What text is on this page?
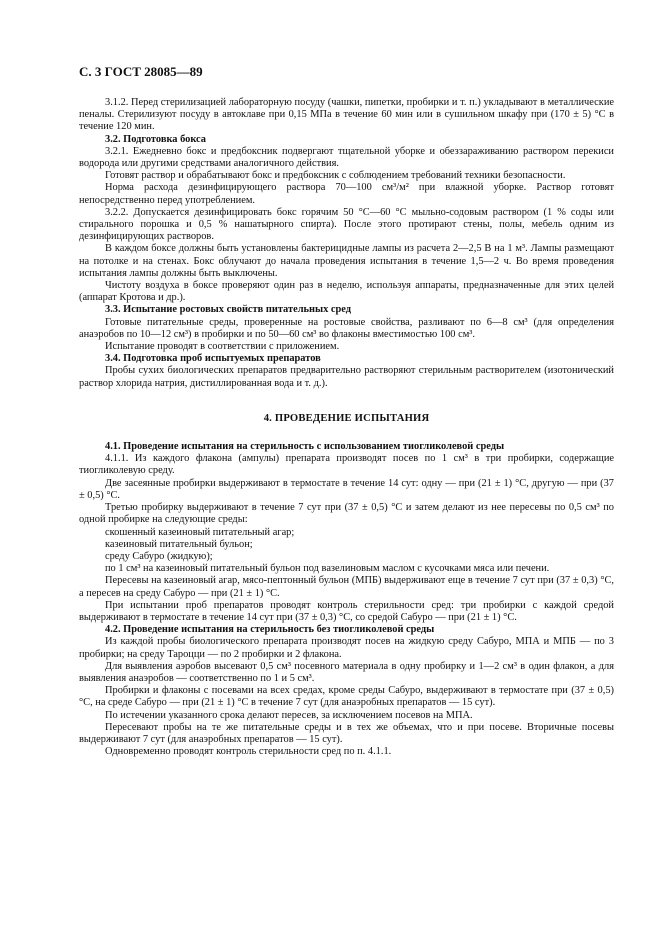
С. 3 ГОСТ 28085—89

3.1.2. Перед стерилизацией лабораторную посуду (чашки, пипетки, пробирки и т. п.) укладывают в металлические пеналы. Стерилизуют посуду в автоклаве при 0,15 МПа в течение 60 мин или в сушильном шкафу при (170 ± 5) °С в течение 120 мин.

3.2. Подготовка бокса

3.2.1. Ежедневно бокс и предбоксник подвергают тщательной уборке и обеззараживанию раствором перекиси водорода или другими средствами аналогичного действия.

Готовят раствор и обрабатывают бокс и предбоксник с соблюдением требований техники безопасности.

Норма расхода дезинфицирующего раствора 70—100 см³/м² при влажной уборке. Раствор готовят непосредственно перед употреблением.

3.2.2. Допускается дезинфицировать бокс горячим 50 °С—60 °С мыльно-содовым раствором (1 % соды или стирального порошка и 0,5 % нашатырного спирта). После этого протирают стены, полы, мебель одним из дезинфицирующих растворов.

В каждом боксе должны быть установлены бактерицидные лампы из расчета 2—2,5 В на 1 м³. Лампы размещают на потолке и на стенах. Бокс облучают до начала проведения испытания в течение 1,5—2 ч. Во время проведения испытания лампы должны быть выключены.

Чистоту воздуха в боксе проверяют один раз в неделю, используя аппараты, предназначенные для этих целей (аппарат Кротова и др.).

3.3. Испытание ростовых свойств питательных сред

Готовые питательные среды, проверенные на ростовые свойства, разливают по 6—8 см³ (для определения анаэробов по 10—12 см³) в пробирки и по 50—60 см³ во флаконы вместимостью 100 см³.

Испытание проводят в соответствии с приложением.

3.4. Подготовка проб испытуемых препаратов

Пробы сухих биологических препаратов предварительно растворяют стерильным растворителем (изотонический раствор хлорида натрия, дистиллированная вода и т. д.).

4. ПРОВЕДЕНИЕ ИСПЫТАНИЯ

4.1. Проведение испытания на стерильность с использованием тиогликолевой среды

4.1.1. Из каждого флакона (ампулы) препарата производят посев по 1 см³ в три пробирки, содержащие тиогликолевую среду.

Две засеянные пробирки выдерживают в термостате в течение 14 сут: одну — при (21 ± 1) °С, другую — при (37 ± 0,5) °С.

Третью пробирку выдерживают в течение 7 сут при (37 ± 0,5) °С и затем делают из нее пересевы по 0,5 см³ по одной пробирке на следующие среды:

скошенный казеиновый питательный агар;

казеиновый питательный бульон;

среду Сабуро (жидкую);

по 1 см³ на казеиновый питательный бульон под вазелиновым маслом с кусочками мяса или печени.

Пересевы на казеиновый агар, мясо-пептонный бульон (МПБ) выдерживают еще в течение 7 сут при (37 ± 0,3) °С, а пересев на среду Сабуро — при (21 ± 1) °С.

При испытании проб препаратов проводят контроль стерильности сред: три пробирки с каждой средой выдерживают в термостате в течение 14 сут при (37 ± 0,3) °С, со средой Сабуро — при (21 ± 1) °С.

4.2. Проведение испытания на стерильность без тиогликолевой среды

Из каждой пробы биологического препарата производят посев на жидкую среду Сабуро, МПА и МПБ — по 3 пробирки; на среду Тароцци — по 2 пробирки и 2 флакона.

Для выявления аэробов высевают 0,5 см³ посевного материала в одну пробирку и 1—2 см³ в один флакон, а для выявления анаэробов — соответственно по 1 и 5 см³.

Пробирки и флаконы с посевами на всех средах, кроме среды Сабуро, выдерживают в термостате при (37 ± 0,5) °С, на среде Сабуро — при (21 ± 1) °С в течение 7 сут (для анаэробных препаратов — 15 сут).

По истечении указанного срока делают пересев, за исключением посевов на МПА.

Пересевают пробы на те же питательные среды и в тех же объемах, что и при посеве. Вторичные посевы выдерживают 7 сут (для анаэробных препаратов — 15 сут).

Одновременно проводят контроль стерильности сред по п. 4.1.1.
